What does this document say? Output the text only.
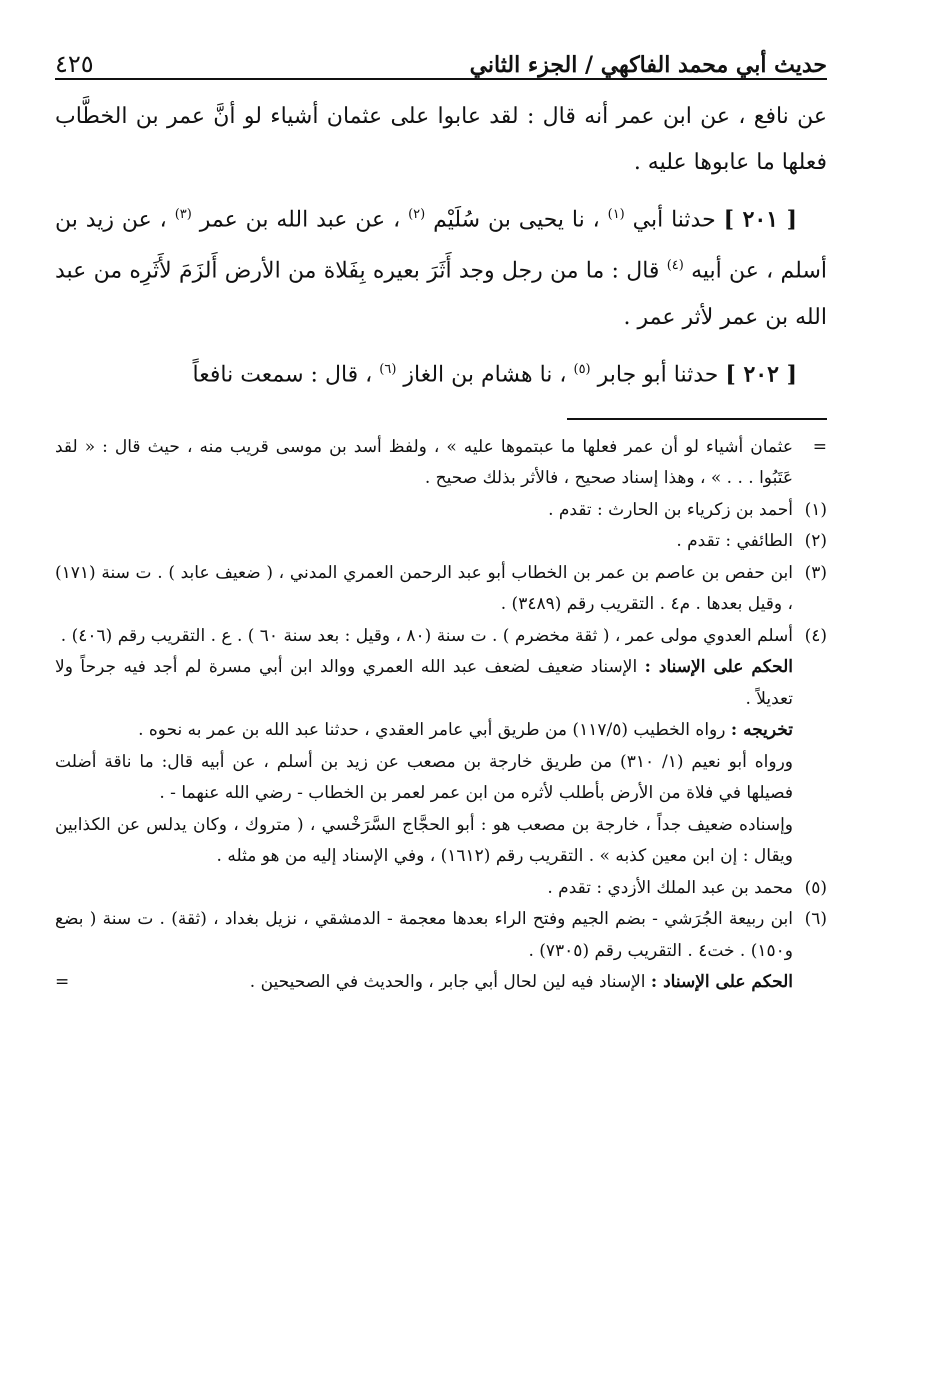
حديث أبي محمد الفاكهي / الجزء الثاني
٤٢٥

عن نافع ، عن ابن عمر أنه قال : لقد عابوا على عثمان أشياء لو أنَّ عمر بن الخطَّاب فعلها ما عابوها عليه .

[ ٢٠١ ] حدثنا أبي $^{(١)}$ ، نا يحيى بن سُلَيْم $^{(٢)}$ ، عن عبد الله بن عمر $^{(٣)}$ ، عن زيد بن أسلم ، عن أبيه $^{(٤)}$ قال : ما من رجل وجد أَثَرَ بعيره بِفَلاة من الأرض أَلزَمَ لأَثَرِه من عبد الله بن عمر لأثر عمر .

[ ٢٠٢ ] حدثنا أبو جابر $^{(٥)}$ ، نا هشام بن الغاز $^{(٦)}$ ، قال : سمعت نافعاً

=
عثمان أشياء لو أن عمر فعلها ما عبتموها عليه » ، ولفظ أسد بن موسى قريب منه ، حيث قال : « لقد عَتَبُوا . . . » ، وهذا إسناد صحيح ، فالأثر بذلك صحيح .

(١)
أحمد بن زكرياء بن الحارث : تقدم .

(٢)
الطائفي : تقدم .

(٣)
ابن حفص بن عاصم بن عمر بن الخطاب أبو عبد الرحمن العمري المدني ، ( ضعيف عابد ) . ت سنة (١٧١) ، وقيل بعدها . م٤ . التقريب رقم (٣٤٨٩) .

(٤)
أسلم العدوي مولى عمر ، ( ثقة مخضرم ) . ت سنة (٨٠ ، وقيل : بعد سنة ٦٠ ) . ع . التقريب رقم (٤٠٦) .

الحكم على الإسناد : الإسناد ضعيف لضعف عبد الله العمري ووالد ابن أبي مسرة لم أجد فيه جرحاً ولا تعديلاً .

تخريجه : رواه الخطيب (١١٧/٥) من طريق أبي عامر العقدي ، حدثنا عبد الله بن عمر به نحوه .

ورواه أبو نعيم (١/ ٣١٠) من طريق خارجة بن مصعب عن زيد بن أسلم ، عن أبيه قال: ما ناقة أضلت فصيلها في فلاة من الأرض بأطلب لأثره من ابن عمر لعمر بن الخطاب - رضي الله عنهما - .

وإسناده ضعيف جداً ، خارجة بن مصعب هو : أبو الحجَّاج السَّرَخْسي ، ( متروك ، وكان يدلس عن الكذابين ويقال : إن ابن معين كذبه » . التقريب رقم (١٦١٢) ، وفي الإسناد إليه من هو مثله .

(٥)
محمد بن عبد الملك الأزدي : تقدم .

(٦)
ابن ربيعة الجُرَشي - بضم الجيم وفتح الراء بعدها معجمة - الدمشقي ، نزيل بغداد ، (ثقة) . ت سنة ( بضع و١٥٠) . خت٤ . التقريب رقم (٧٣٠٥) .

الحكم على الإسناد : الإسناد فيه لين لحال أبي جابر ، والحديث في الصحيحين .
=
